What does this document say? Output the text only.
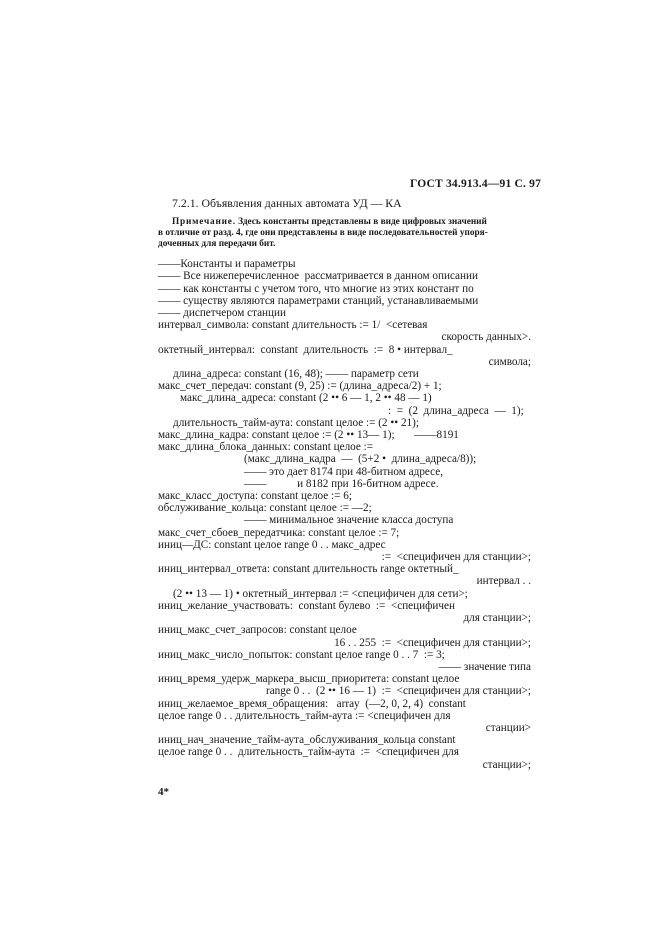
ГОСТ 34.913.4—91 С. 97
7.2.1. Объявления данных автомата УД — КА
Примечание. Здесь константы представлены в виде цифровых значений
в отличие от разд. 4, где они представлены в виде последовательностей упоря-
доченных для передачи бит.
——Константы и параметры
—— Все нижеперечисленное  рассматривается в данном описании
—— как константы с учетом того, что многие из этих констант по
—— существу являются параметрами станций, устанавливаемыми
—— диспетчером станции
интервал_символа: constant длительность := 1/  <сетевая
скорость данных>.
октетный_интервал:  constant  длительность  :=  8 • интервал_
символа;
длина_адреса: constant (16, 48); —— параметр сети
макс_счет_передач: constant (9, 25) := (длина_адреса/2) + 1;
макс_длина_адреса: constant (2 •• 6 — 1, 2 •• 48 — 1)
:  =  (2  длина_адреса  —  1);
длительность_тайм-аута: constant целое := (2 •• 21);
макс_длина_кадра: constant целое := (2 •• 13— 1);       ——8191
макс_длина_блока_данных: constant целое :=
(макс_длина_кадра  —  (5+2 •  длина_адреса/8));
—— это дает 8174 при 48-битном адресе,
——           и 8182 при 16-битном адресе.
макс_класс_доступа: constant целое := 6;
обслуживание_кольца: constant целое := —2;
—— минимальное значение класса доступа
макс_счет_сбоев_передатчика: constant целое := 7;
иниц—ДС: constant целое range 0 . . макс_адрес
:=  <специфичен для станции>;
иниц_интервал_ответа: constant длительность range октетный_
интервал . .
(2 •• 13 — 1) • октетный_интервал := <специфичен для сети>;
иниц_желание_участвовать:  constant булево  :=  <специфичен
для станции>;
иниц_макс_счет_запросов: constant целое
16 . . 255  :=  <специфичен для станции>;
иниц_макс_число_попыток: constant целое range 0 . . 7  := 3;
—— значение типа
иниц_время_удерж_маркера_высш_приоритета: constant целое
range 0 . .  (2 •• 16 — 1)  :=  <специфичен для станции>;
иниц_желаемое_время_обращения:   array  (—2, 0, 2, 4)  constant
целое range 0 . . длительность_тайм-аута := <специфичен для
станции>
иниц_нач_значение_тайм-аута_обслуживания_кольца constant
целое range 0 . .  длительность_тайм-аута  :=  <специфичен для
станции>;
4*
